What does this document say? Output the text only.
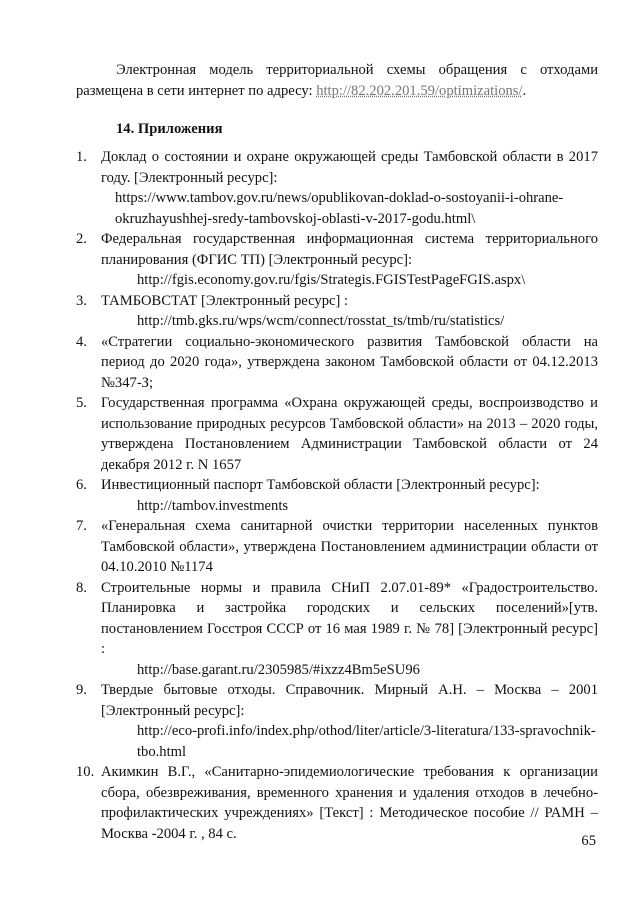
Электронная модель территориальной схемы обращения с отходами размещена в сети интернет по адресу: http://82.202.201.59/optimizations/.
14. Приложения
1. Доклад о состоянии и охране окружающей среды Тамбовской области в 2017 году. [Электронный ресурс]:
https://www.tambov.gov.ru/news/opublikovan-doklad-o-sostoyanii-i-ohrane-okruzhayushhej-sredy-tambovskoj-oblasti-v-2017-godu.html\
2. Федеральная государственная информационная система территориального планирования (ФГИС ТП) [Электронный ресурс]:
http://fgis.economy.gov.ru/fgis/Strategis.FGISTestPageFGIS.aspx\
3. ТАМБОВСТАТ [Электронный ресурс] :
http://tmb.gks.ru/wps/wcm/connect/rosstat_ts/tmb/ru/statistics/
4. «Стратегии социально-экономического развития Тамбовской области на период до 2020 года», утверждена законом Тамбовской области от 04.12.2013 №347-З;
5. Государственная программа «Охрана окружающей среды, воспроизводство и использование природных ресурсов Тамбовской области» на 2013 – 2020 годы, утверждена Постановлением Администрации Тамбовской области от 24 декабря 2012 г. N 1657
6. Инвестиционный паспорт Тамбовской области [Электронный ресурс]:
http://tambov.investments
7. «Генеральная схема санитарной очистки территории населенных пунктов Тамбовской области», утверждена Постановлением администрации области от 04.10.2010 №1174
8. Строительные нормы и правила СНиП 2.07.01-89* «Градостроительство. Планировка и застройка городских и сельских поселений»[утв. постановлением Госстроя СССР от 16 мая 1989 г. № 78] [Электронный ресурс] :
http://base.garant.ru/2305985/#ixzz4Bm5eSU96
9. Твердые бытовые отходы. Справочник. Мирный А.Н. – Москва – 2001 [Электронный ресурс]:
http://eco-profi.info/index.php/othod/liter/article/3-literatura/133-spravochnik-tbo.html
10. Акимкин В.Г., «Санитарно-эпидемиологические требования к организации сбора, обезвреживания, временного хранения и удаления отходов в лечебно-профилактических учреждениях» [Текст] : Методическое пособие // РАМН – Москва -2004 г. , 84 с.	65
